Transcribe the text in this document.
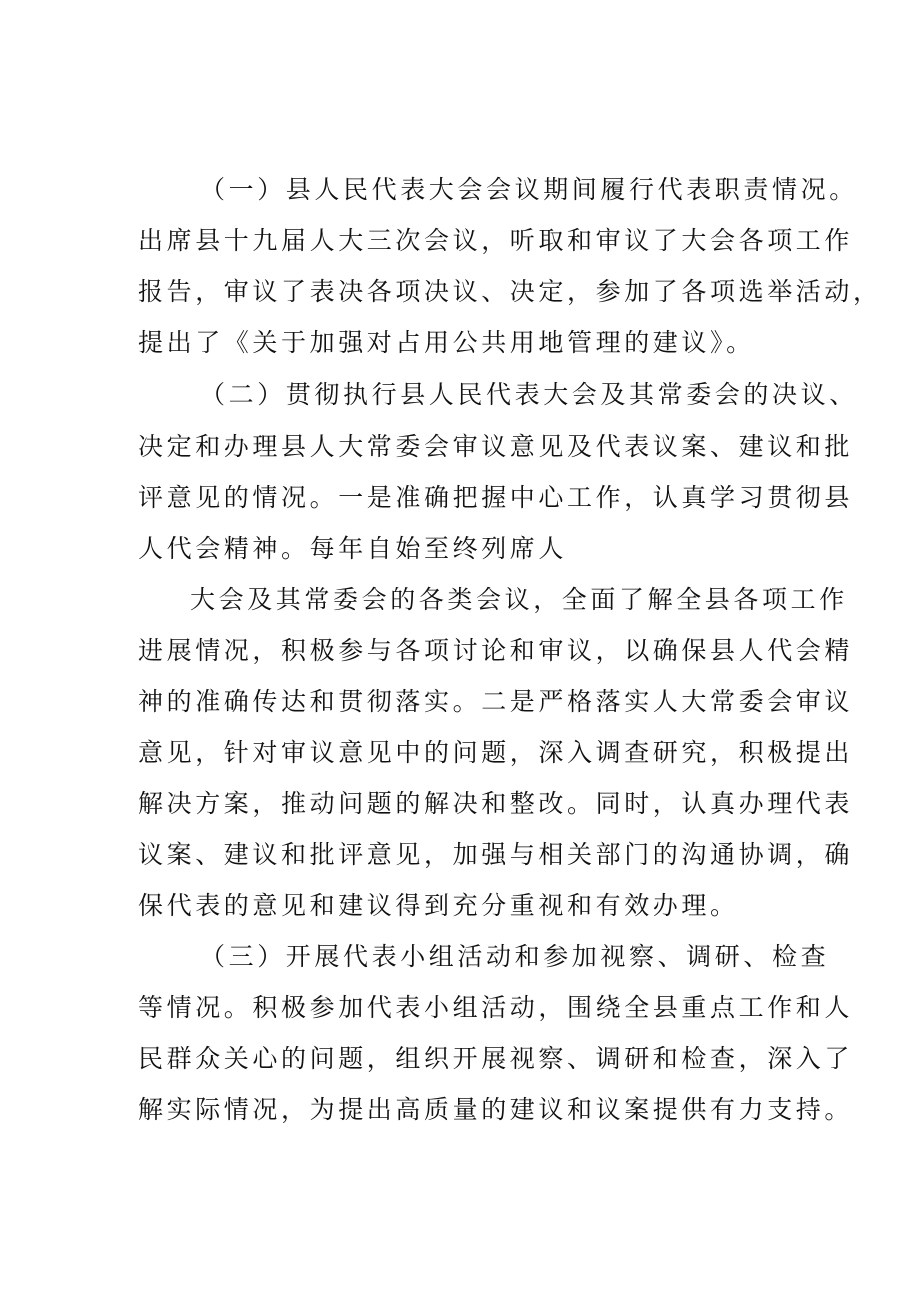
（一）县人民代表大会会议期间履行代表职责情况。
出席县十九届人大三次会议，听取和审议了大会各项工作
报告，审议了表决各项决议、决定，参加了各项选举活动，
提出了《关于加强对占用公共用地管理的建议》。
（二）贯彻执行县人民代表大会及其常委会的决议、
决定和办理县人大常委会审议意见及代表议案、建议和批
评意见的情况。一是准确把握中心工作，认真学习贯彻县
人代会精神。每年自始至终列席人
大会及其常委会的各类会议，全面了解全县各项工作
进展情况，积极参与各项讨论和审议，以确保县人代会精
神的准确传达和贯彻落实。二是严格落实人大常委会审议
意见，针对审议意见中的问题，深入调查研究，积极提出
解决方案，推动问题的解决和整改。同时，认真办理代表
议案、建议和批评意见，加强与相关部门的沟通协调，确
保代表的意见和建议得到充分重视和有效办理。
（三）开展代表小组活动和参加视察、调研、检查
等情况。积极参加代表小组活动，围绕全县重点工作和人
民群众关心的问题，组织开展视察、调研和检查，深入了
解实际情况，为提出高质量的建议和议案提供有力支持。
